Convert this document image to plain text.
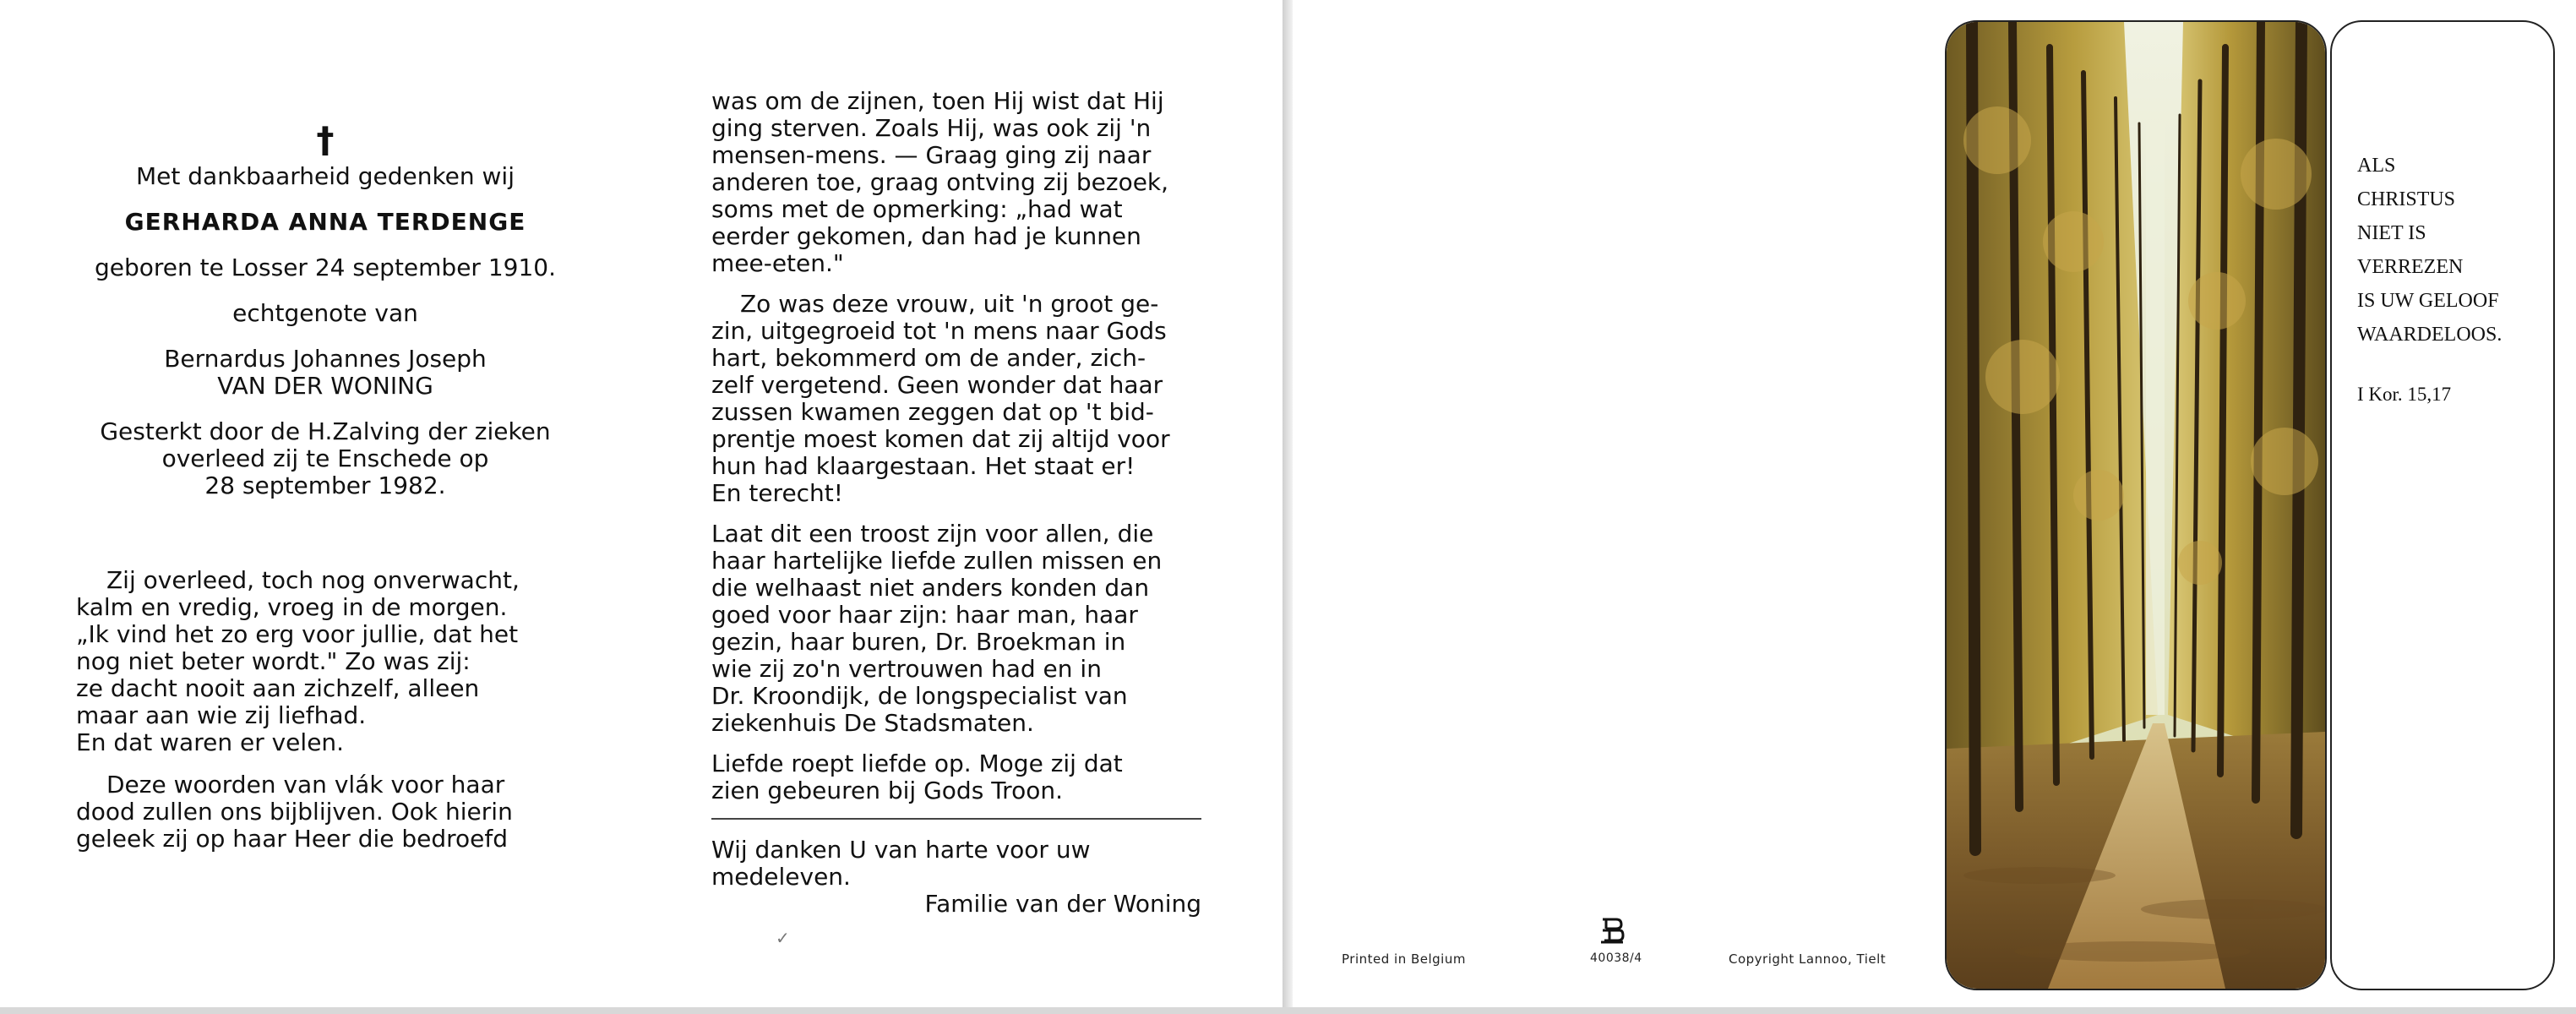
†
Met dankbaarheid gedenken wij
GERHARDA ANNA TERDENGE
geboren te Losser 24 september 1910.
echtgenote van
Bernardus Johannes Joseph
VAN DER WONING
Gesterkt door de H.Zalving der zieken
overleed zij te Enschede op
28 september 1982.
Zij overleed, toch nog onverwacht,
kalm en vredig, vroeg in de morgen.
„Ik vind het zo erg voor jullie, dat het
nog niet beter wordt." Zo was zij:
ze dacht nooit aan zichzelf, alleen
maar aan wie zij liefhad.
En dat waren er velen.
Deze woorden van vlák voor haar
dood zullen ons bijblijven. Ook hierin
geleek zij op haar Heer die bedroefd
was om de zijnen, toen Hij wist dat Hij
ging sterven. Zoals Hij, was ook zij 'n
mensen-mens. — Graag ging zij naar
anderen toe, graag ontving zij bezoek,
soms met de opmerking: „had wat
eerder gekomen, dan had je kunnen
mee-eten."
Zo was deze vrouw, uit 'n groot ge-
zin, uitgegroeid tot 'n mens naar Gods
hart, bekommerd om de ander, zich-
zelf vergetend. Geen wonder dat haar
zussen kwamen zeggen dat op 't bid-
prentje moest komen dat zij altijd voor
hun had klaargestaan. Het staat er!
En terecht!
Laat dit een troost zijn voor allen, die
haar hartelijke liefde zullen missen en
die welhaast niet anders konden dan
goed voor haar zijn: haar man, haar
gezin, haar buren, Dr. Broekman in
wie zij zo'n vertrouwen had en in
Dr. Kroondijk, de longspecialist van
ziekenhuis De Stadsmaten.
Liefde roept liefde op. Moge zij dat
zien gebeuren bij Gods Troon.
Wij danken U van harte voor uw
medeleven.
Familie van der Woning
✓
Printed in Belgium	40038/4	Copyright Lannoo, Tielt
ALS
CHRISTUS
NIET IS
VERREZEN
IS UW GELOOF
WAARDELOOS.
I Kor. 15,17
